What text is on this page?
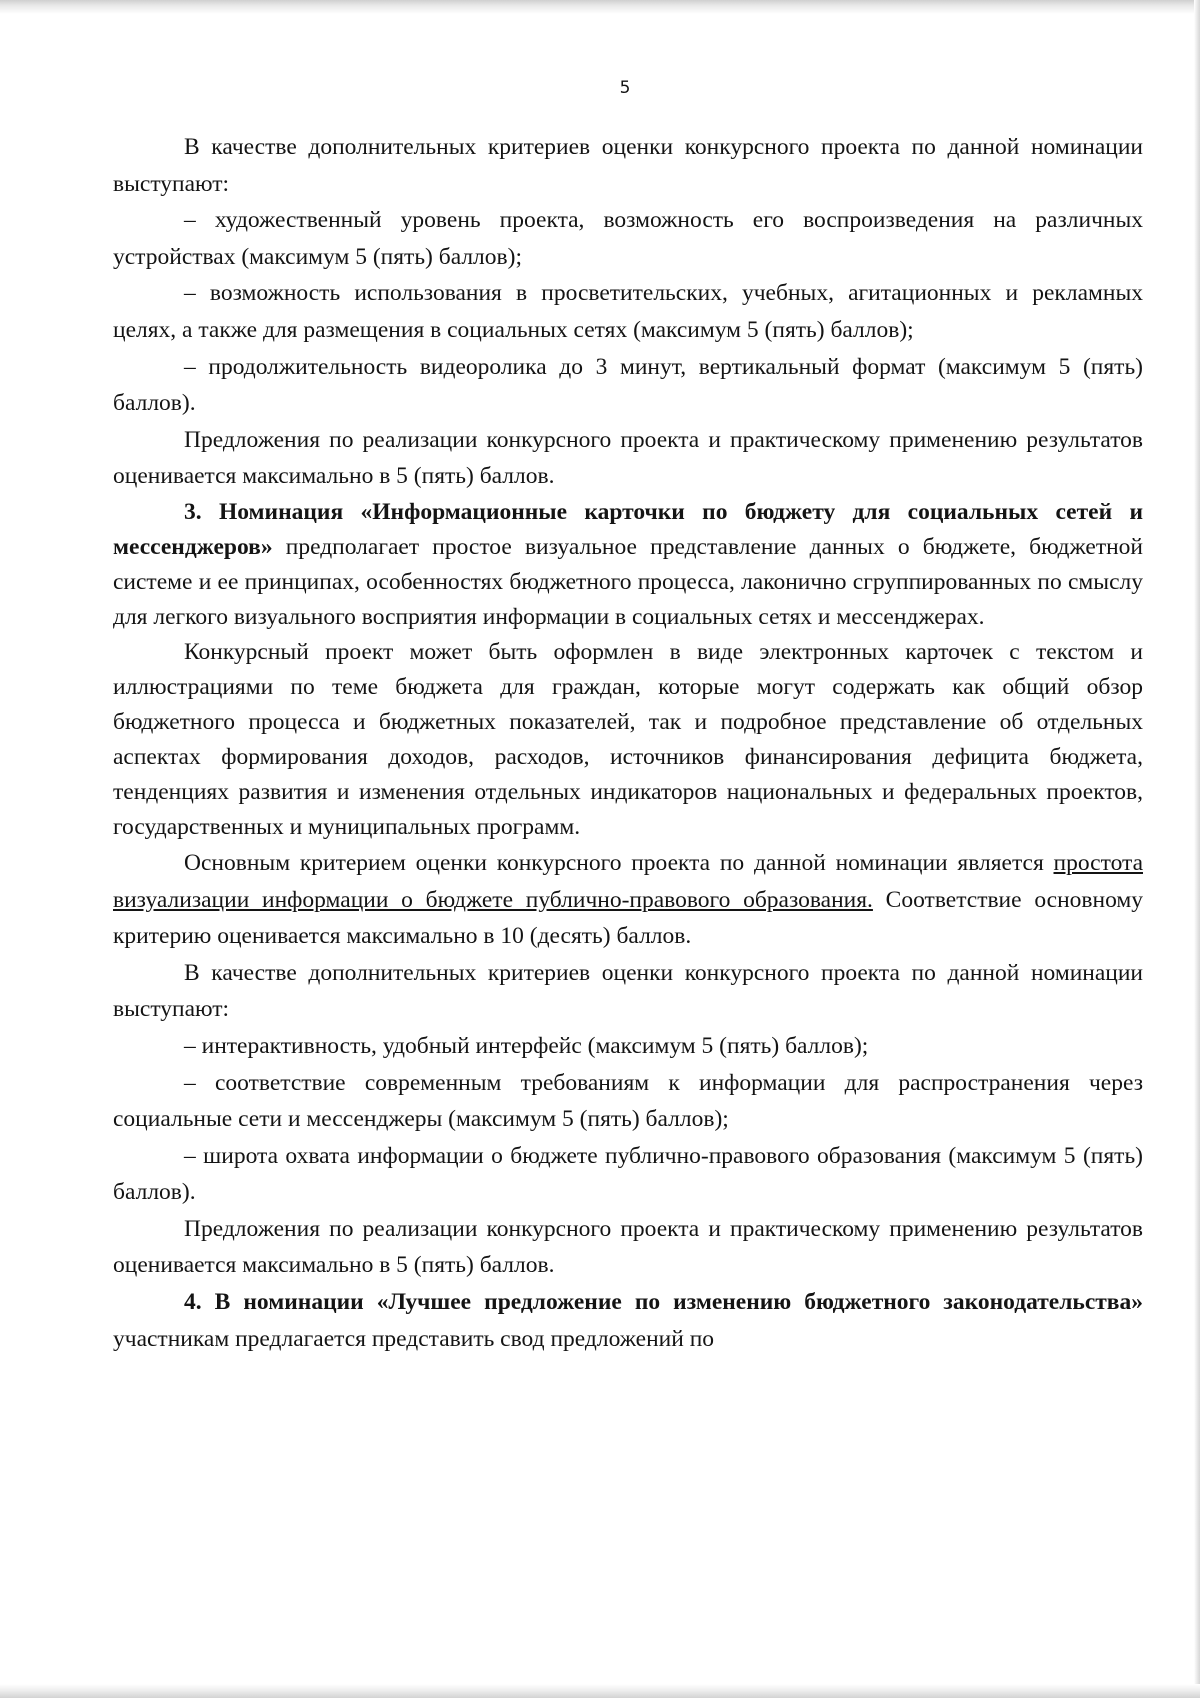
5

В качестве дополнительных критериев оценки конкурсного проекта по данной номинации выступают:

– художественный уровень проекта, возможность его воспроизведения на различных устройствах (максимум 5 (пять) баллов);

– возможность использования в просветительских, учебных, агитационных и рекламных целях, а также для размещения в социальных сетях (максимум 5 (пять) баллов);

– продолжительность видеоролика до 3 минут, вертикальный формат (максимум 5 (пять) баллов).

Предложения по реализации конкурсного проекта и практическому применению результатов оценивается максимально в 5 (пять) баллов.

3. Номинация «Информационные карточки по бюджету для социальных сетей и мессенджеров» предполагает простое визуальное представление данных о бюджете, бюджетной системе и ее принципах, особенностях бюджетного процесса, лаконично сгруппированных по смыслу для легкого визуального восприятия информации в социальных сетях и мессенджерах.

Конкурсный проект может быть оформлен в виде электронных карточек с текстом и иллюстрациями по теме бюджета для граждан, которые могут содержать как общий обзор бюджетного процесса и бюджетных показателей, так и подробное представление об отдельных аспектах формирования доходов, расходов, источников финансирования дефицита бюджета, тенденциях развития и изменения отдельных индикаторов национальных и федеральных проектов, государственных и муниципальных программ.

Основным критерием оценки конкурсного проекта по данной номинации является простота визуализации информации о бюджете публично-правового образования. Соответствие основному критерию оценивается максимально в 10 (десять) баллов.

В качестве дополнительных критериев оценки конкурсного проекта по данной номинации выступают:

– интерактивность, удобный интерфейс (максимум 5 (пять) баллов);

– соответствие современным требованиям к информации для распространения через социальные сети и мессенджеры (максимум 5 (пять) баллов);

– широта охвата информации о бюджете публично-правового образования (максимум 5 (пять) баллов).

Предложения по реализации конкурсного проекта и практическому применению результатов оценивается максимально в 5 (пять) баллов.

4. В номинации «Лучшее предложение по изменению бюджетного законодательства» участникам предлагается представить свод предложений по
